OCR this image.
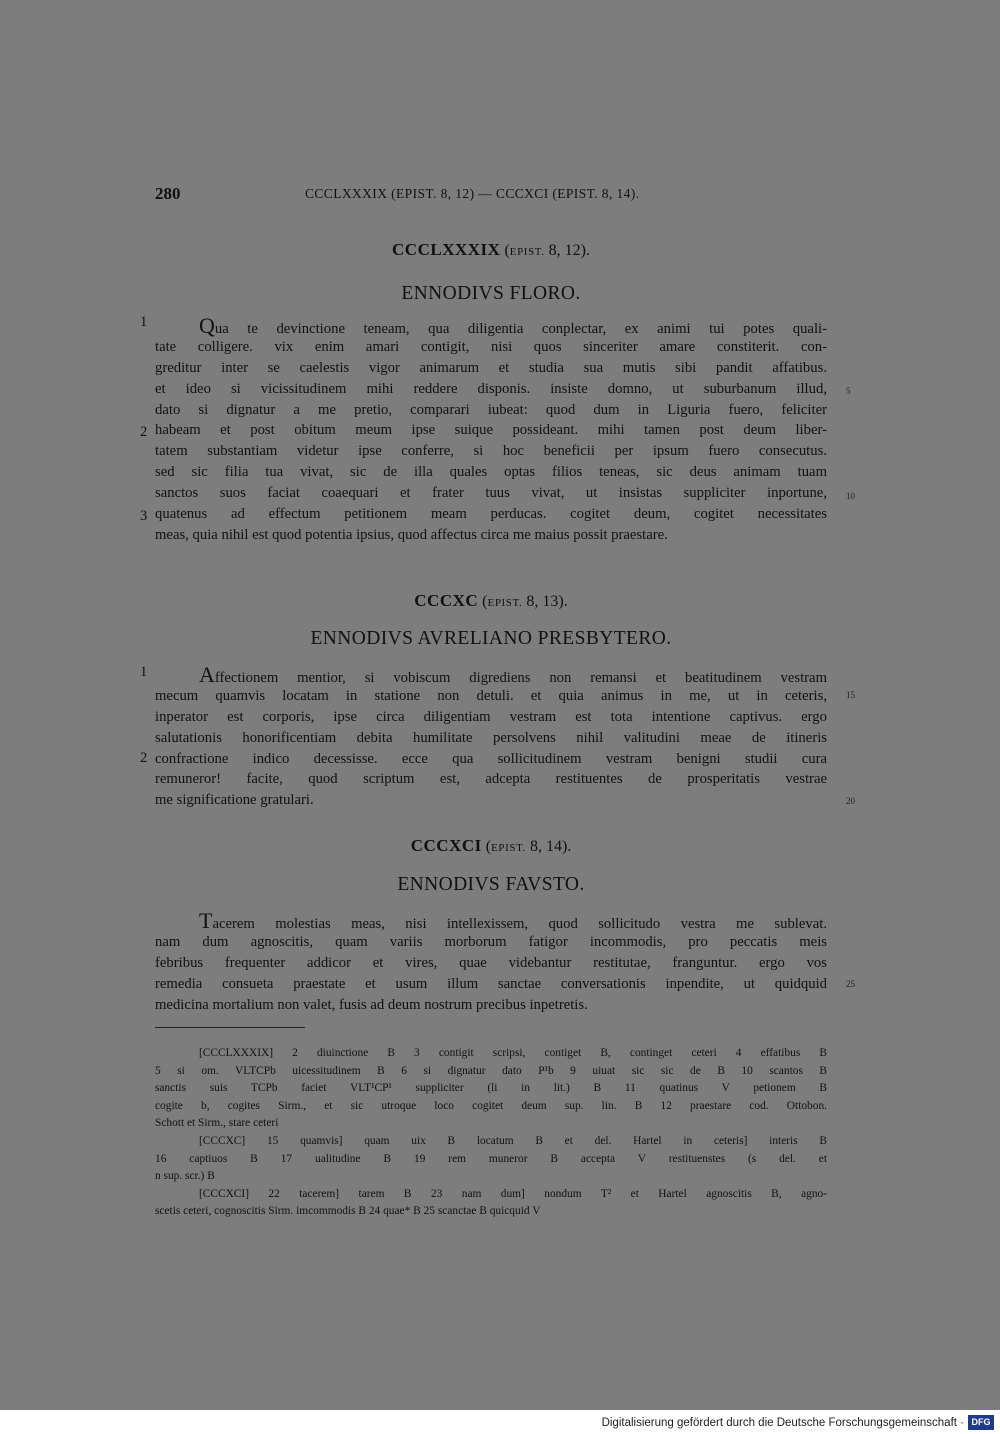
280	CCCLXXXIX (EPIST. 8, 12) — CCCXCI (EPIST. 8, 14).
CCCLXXXIX (EPIST. 8, 12).
ENNODIVS FLORO.
1
2
3
5
10
Qua te devinctione teneam, qua diligentia conplectar, ex animi tui potes quali-
tate colligere. vix enim amari contigit, nisi quos sinceriter amare constiterit. con-
greditur inter se caelestis vigor animarum et studia sua mutis sibi pandit affatibus.
et ideo si vicissitudinem mihi reddere disponis. insiste domno, ut suburbanum illud,
dato si dignatur a me pretio, comparari iubeat: quod dum in Liguria fuero, feliciter
habeam et post obitum meum ipse suique possideant. mihi tamen post deum liber-
tatem substantiam videtur ipse conferre, si hoc beneficii per ipsum fuero consecutus.
sed sic filia tua vivat, sic de illa quales optas filios teneas, sic deus animam tuam
sanctos suos faciat coaequari et frater tuus vivat, ut insistas suppliciter inportune,
quatenus ad effectum petitionem meam perducas. cogitet deum, cogitet necessitates
meas, quia nihil est quod potentia ipsius, quod affectus circa me maius possit praestare.
CCCXC (EPIST. 8, 13).
ENNODIVS AVRELIANO PRESBYTERO.
1
2
15
20
Affectionem mentior, si vobiscum digrediens non remansi et beatitudinem vestram
mecum quamvis locatam in statione non detuli. et quia animus in me, ut in ceteris,
inperator est corporis, ipse circa diligentiam vestram est tota intentione captivus. ergo
salutationis honorificentiam debita humilitate persolvens nihil valitudini meae de itineris
confractione indico decessisse. ecce qua sollicitudinem vestram benigni studii cura
remuneror! facite, quod scriptum est, adcepta restituentes de prosperitatis vestrae
me significatione gratulari.
CCCXCI (EPIST. 8, 14).
ENNODIVS FAVSTO.
25
Tacerem molestias meas, nisi intellexissem, quod sollicitudo vestra me sublevat.
nam dum agnoscitis, quam variis morborum fatigor incommodis, pro peccatis meis
febribus frequenter addicor et vires, quae videbantur restitutae, franguntur. ergo vos
remedia consueta praestate et usum illum sanctae conversationis inpendite, ut quidquid
medicina mortalium non valet, fusis ad deum nostrum precibus inpetretis.
[CCCLXXXIX] 2 diuinctione B 3 contigit scripsi, contiget B, continget ceteri 4 effatibus B
5 si om. VLTCPb uicessitudinem B 6 si dignatur dato P¹b 9 uiuat sic sic de B 10 scantos B
sanctis suis TCPb faciet VLT¹CP¹ suppliciter (li in lit.) B 11 quatinus V petionem B
cogite b, cogites Sirm., et sic utroque loco cogitet deum sup. lin. B 12 praestare cod. Ottobon.
Schott et Sirm., stare ceteri
[CCCXC] 15 quamvis] quam uix B locatum B et del. Hartel in ceteris] interis B
16 captiuos B 17 ualitudine B 19 rem muneror B accepta V restituenstes (s del. et
n sup. scr.) B
[CCCXCI] 22 tacerem] tarem B 23 nam dum] nondum T² et Hartel agnoscitis B, agno-
scetis ceteri, cognoscitis Sirm. imcommodis B 24 quae* B 25 scanctae B quicquid V
Digitalisierung gefördert durch die Deutsche Forschungsgemeinschaft · DFG
